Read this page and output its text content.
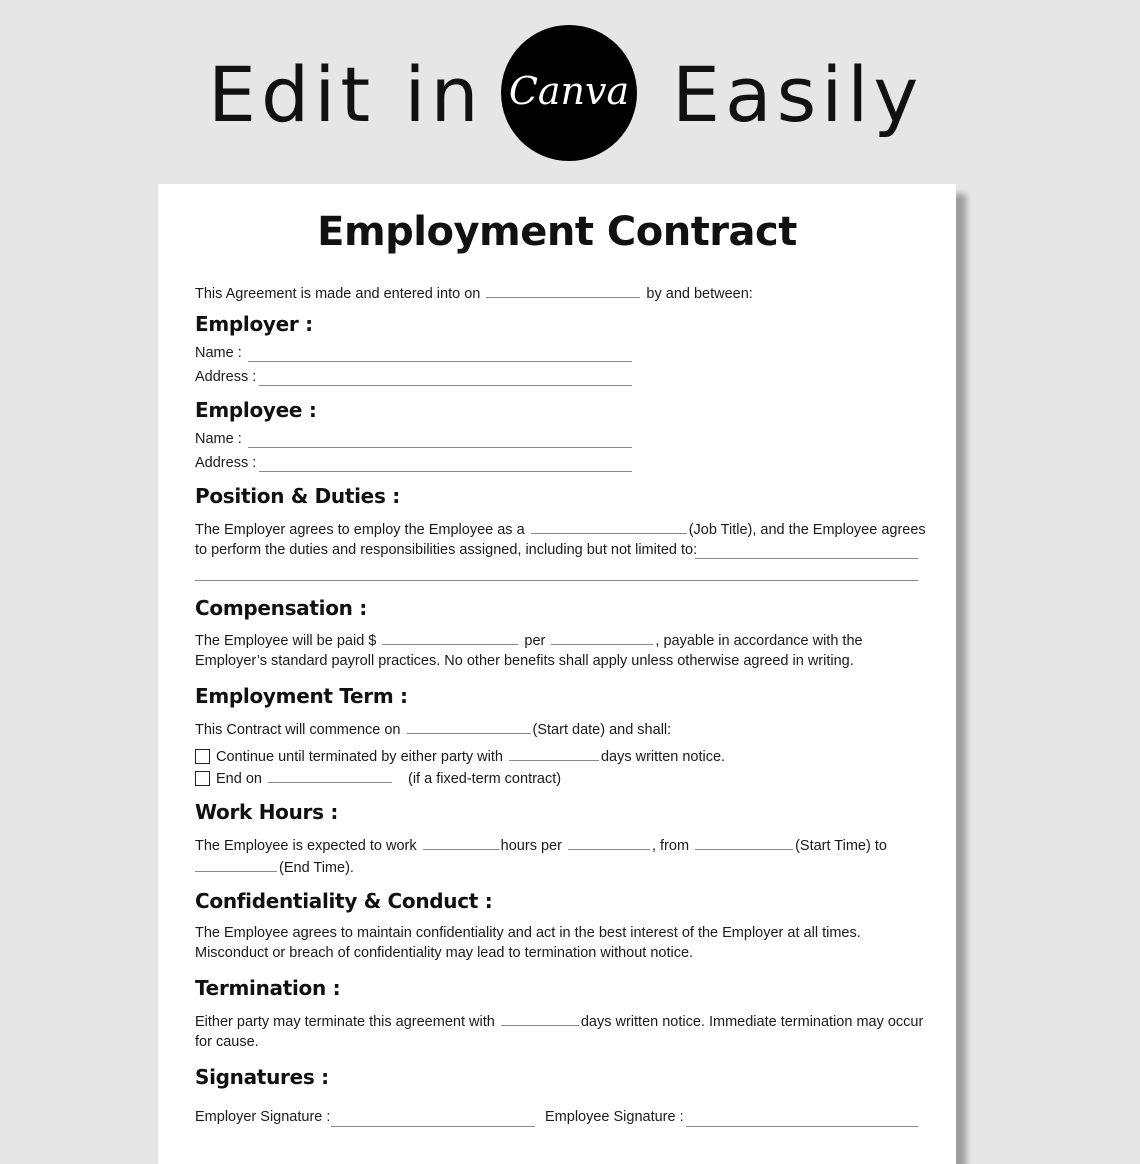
Edit in Canva Easily
Employment Contract
This Agreement is made and entered into on	by and between:
Employer :
Name :
Address :
Employee :
Name :
Address :
Position & Duties :
The Employer agrees to employ the Employee as a	(Job Title), and the Employee agrees
to perform the duties and responsibilities assigned, including but not limited to:
Compensation :
The Employee will be paid $	per	, payable in accordance with the
Employer’s standard payroll practices. No other benefits shall apply unless otherwise agreed in writing.
Employment Term :
This Contract will commence on	(Start date) and shall:
Continue until terminated by either party with	days written notice.
End on	(if a fixed-term contract)
Work Hours :
The Employee is expected to work	hours per	, from	(Start Time) to
(End Time).
Confidentiality & Conduct :
The Employee agrees to maintain confidentiality and act in the best interest of the Employer at all times.
Misconduct or breach of confidentiality may lead to termination without notice.
Termination :
Either party may terminate this agreement with	days written notice. Immediate termination may occur
for cause.
Signatures :
Employer Signature :	Employee Signature :
